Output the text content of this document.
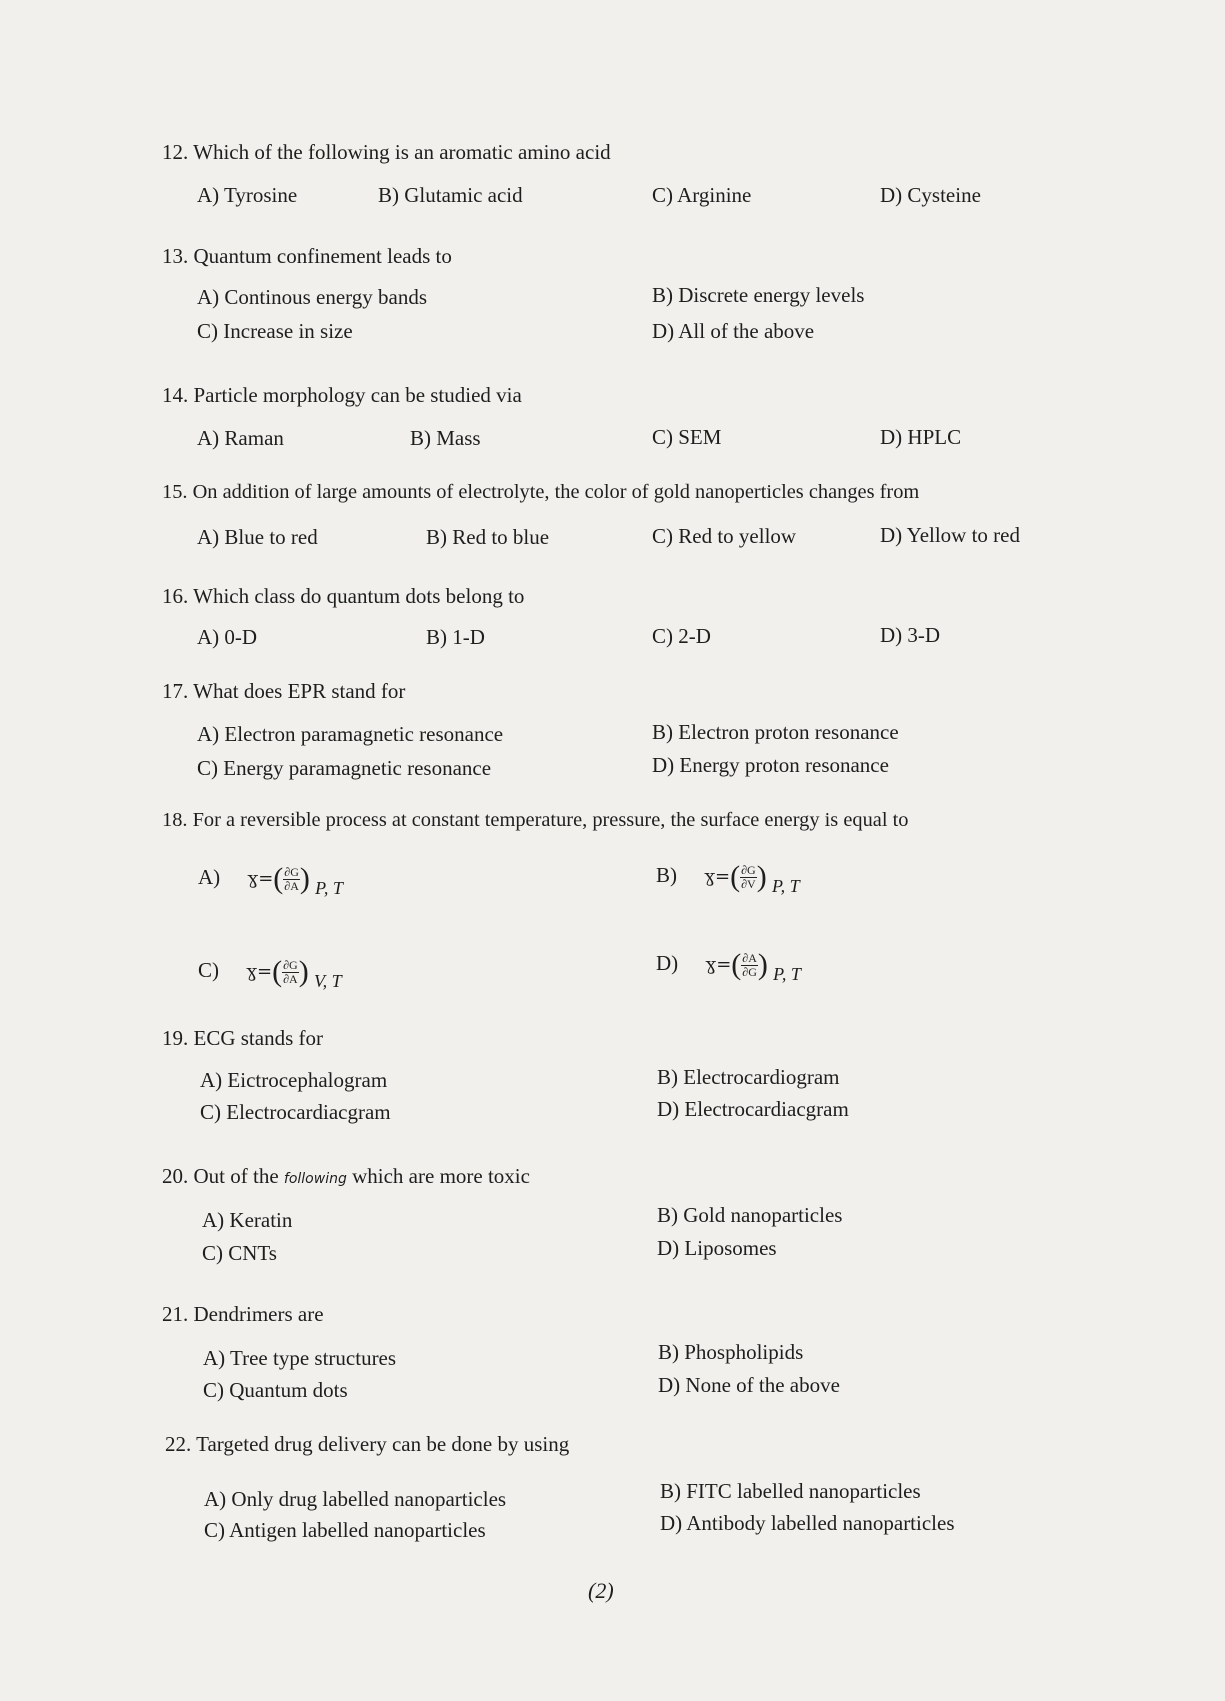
12. Which of the following is an aromatic amino acid
A) Tyrosine	B) Glutamic acid	C) Arginine	D) Cysteine
13. Quantum confinement leads to
A) Continous energy bands	B) Discrete energy levels
C) Increase in size	D) All of the above
14. Particle morphology can be studied via
A) Raman	B) Mass	C) SEM	D) HPLC
15. On addition of large amounts of electrolyte, the color of gold nanoperticles changes from
A) Blue to red	B) Red to blue	C) Red to yellow	D) Yellow to red
16. Which class do quantum dots belong to
A) 0-D	B) 1-D	C) 2-D	D) 3-D
17. What does EPR stand for
A) Electron paramagnetic resonance	B) Electron proton resonance
C) Energy paramagnetic resonance	D) Energy proton resonance
18. For a reversible process at constant temperature, pressure, the surface energy is equal to
A) ɣ=( $\frac{\partial G}{\partial A}$ ) P, T
B) ɣ=( $\frac{\partial G}{\partial V}$ ) P, T
C) ɣ=( $\frac{\partial G}{\partial A}$ ) V, T
D) ɣ=( $\frac{\partial A}{\partial G}$ ) P, T
19. ECG stands for
A) Eictrocephalogram	B) Electrocardiogram
C) Electrocardiacgram	D) Electrocardiacgram
20. Out of the following which are more toxic
A) Keratin	B) Gold nanoparticles
C) CNTs	D) Liposomes
21. Dendrimers are
A) Tree type structures	B) Phospholipids
C) Quantum dots	D) None of the above
22. Targeted drug delivery can be done by using
A) Only drug labelled nanoparticles	B) FITC labelled nanoparticles
C) Antigen labelled nanoparticles	D) Antibody labelled nanoparticles
(2)
